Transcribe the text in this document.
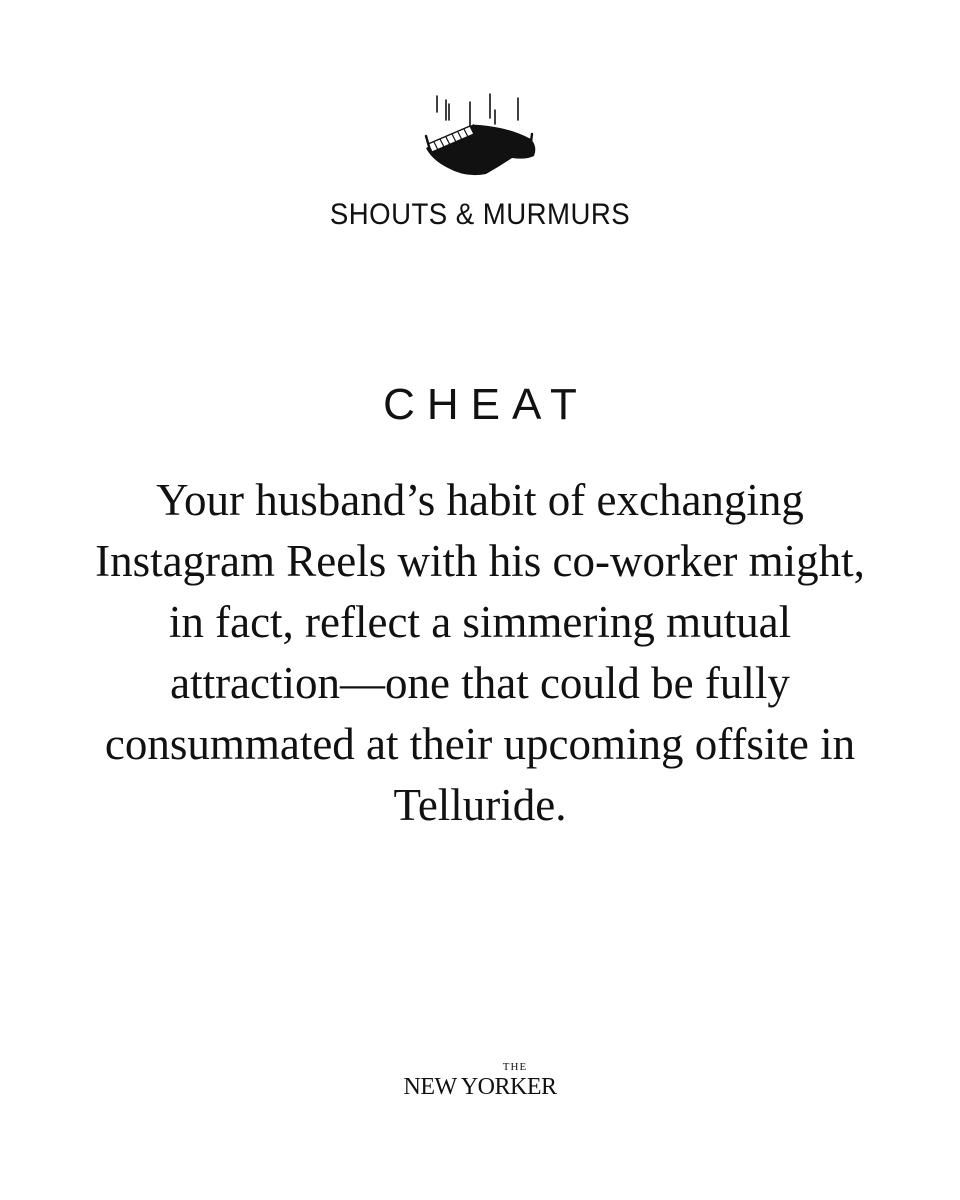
SHOUTS & MURMURS
CHEAT

Your husband’s habit of exchanging Instagram Reels with his co-worker might, in fact, reflect a simmering mutual attraction—one that could be fully consummated at their upcoming offsite in Telluride.

THE
NEW YORKER
